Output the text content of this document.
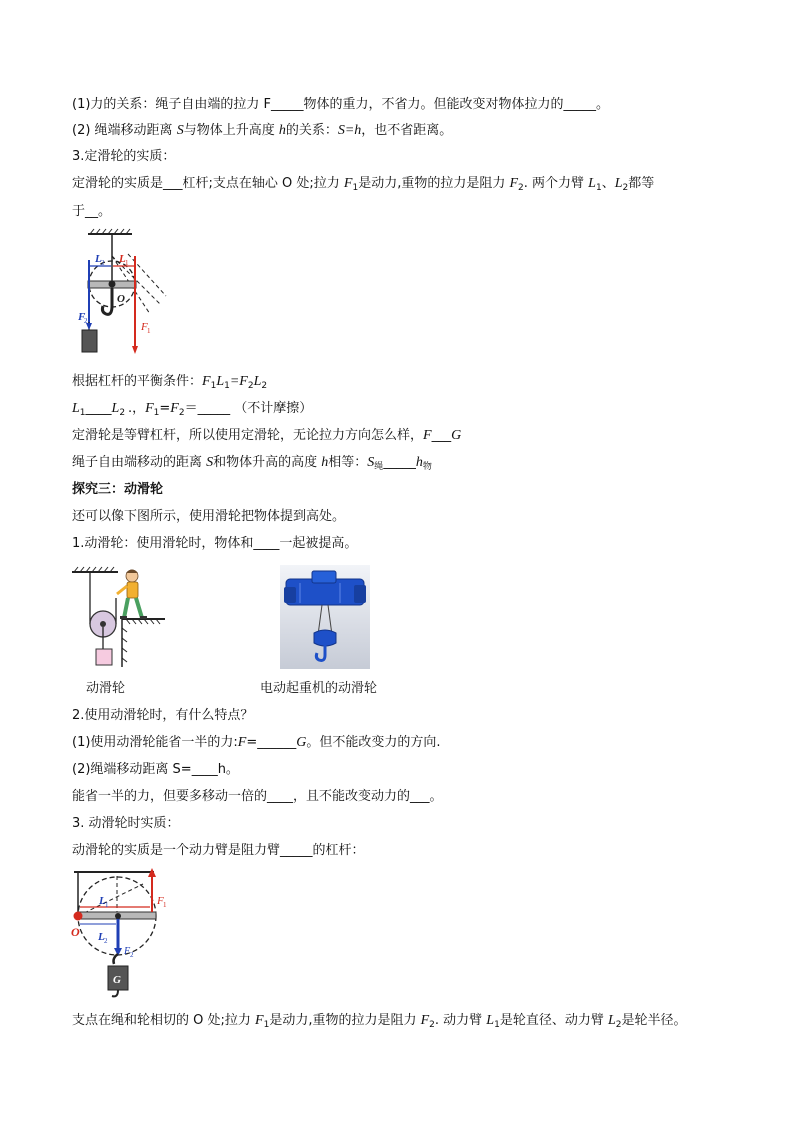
(1)力的关系：绳子自由端的拉力 F_____物体的重力，不省力。但能改变对物体拉力的_____。
(2) 绳端移动距离 S与物体上升高度 h的关系：S=h，也不省距离。
3.定滑轮的实质：
定滑轮的实质是___杠杆;支点在轴心 O 处;拉力 $F_1$是动力,重物的拉力是阻力 $F_2$. 两个力臂 $L_1$、$L_2$都等
于__。
L 2 L 1
O
F
2	F 1
根据杠杆的平衡条件：$F_1L_1=F_2L_2$
$L_1\_\_\_\_L_2$ .，$F_1=F_2=\_\_\_\_\_$ （不计摩擦）
定滑轮是等臂杠杆，所以使用定滑轮，无论拉力方向怎么样，F___G
绳子自由端移动的距离 S和物体升高的高度 h相等：$S_绳\_\_\_\_\_h_物$
探究三：动滑轮
还可以像下图所示，使用滑轮把物体提到高处。
1.动滑轮：使用滑轮时，物体和____一起被提高。
动滑轮	电动起重机的动滑轮
2.使用动滑轮时，有什么特点？
(1)使用动滑轮能省一半的力:F=______G。但不能改变力的方向.
(2)绳端移动距离 S=____h。
能省一半的力，但要多移动一倍的____，且不能改变动力的___。
3. 动滑轮时实质：
动滑轮的实质是一个动力臂是阻力臂_____的杠杆：
L 1
L 2
O
F 1
F 2
G
支点在绳和轮相切的 O 处;拉力 $F_1$是动力,重物的拉力是阻力 $F_2$. 动力臂 $L_1$是轮直径、动力臂 $L_2$是轮半径。
